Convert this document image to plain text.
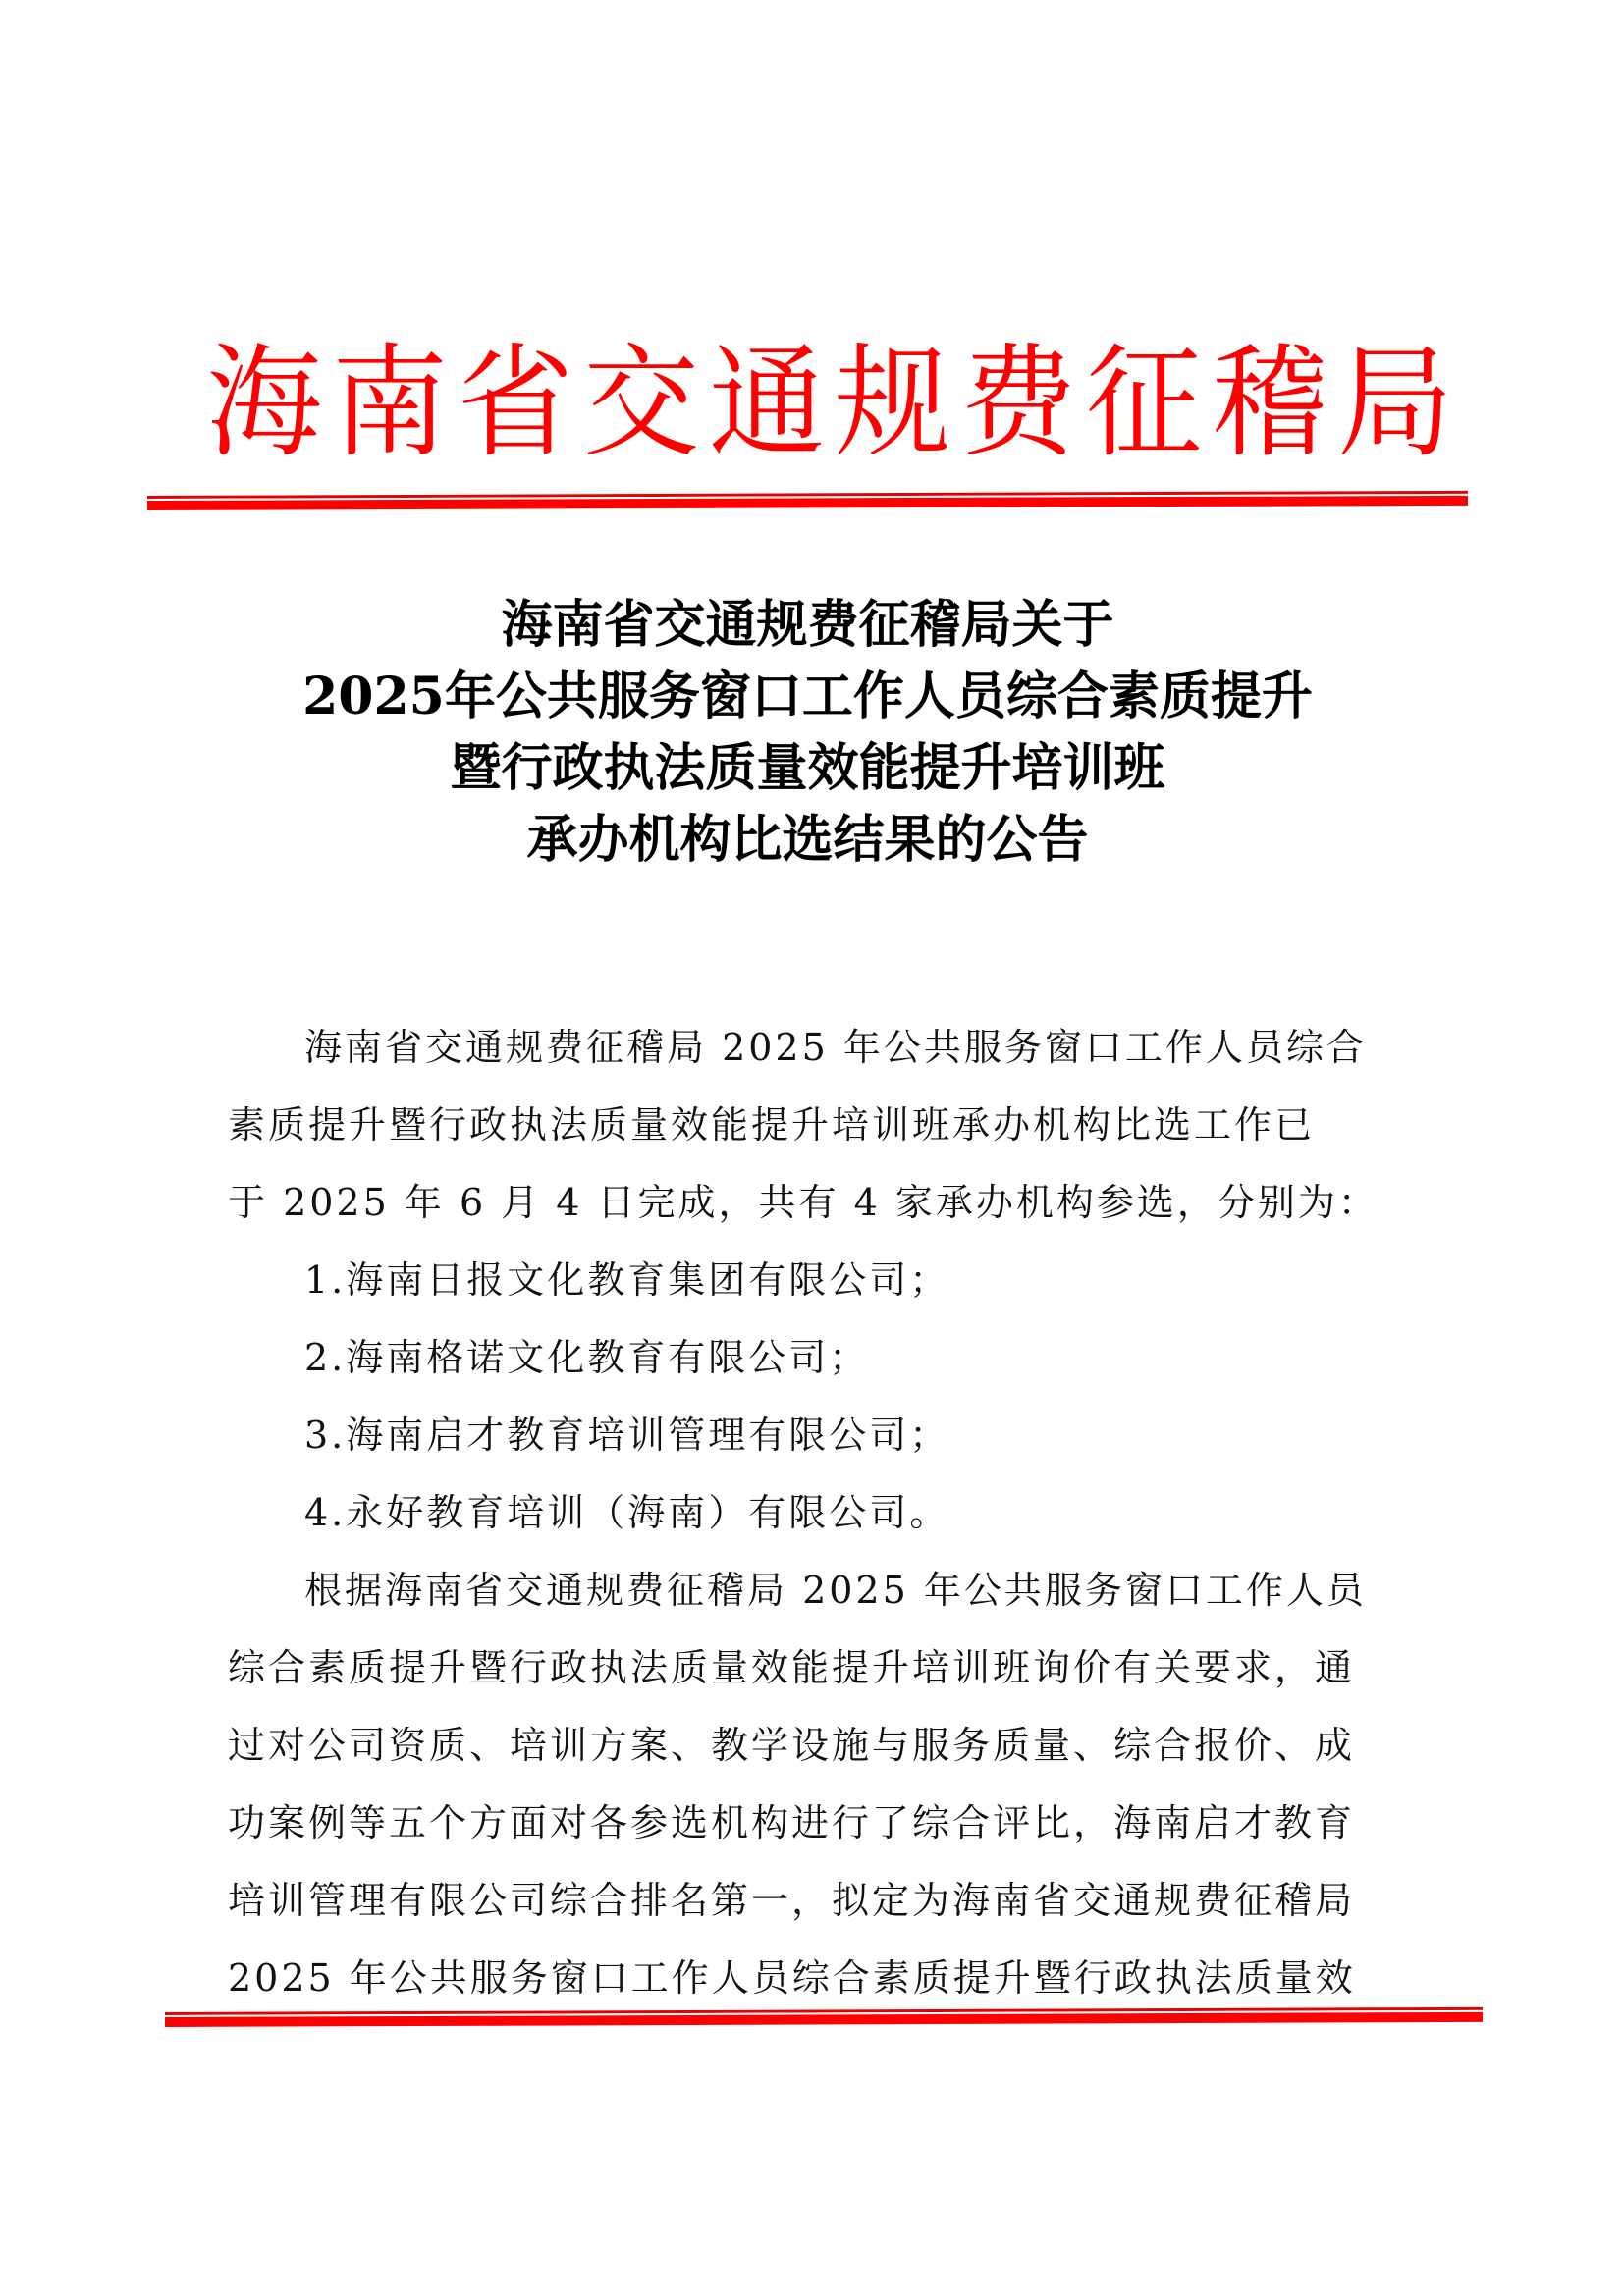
海南省交通规费征稽局
海南省交通规费征稽局关于
2025年公共服务窗口工作人员综合素质提升
暨行政执法质量效能提升培训班
承办机构比选结果的公告
海南省交通规费征稽局 2025 年公共服务窗口工作人员综合
素质提升暨行政执法质量效能提升培训班承办机构比选工作已
于 2025 年 6 月 4 日完成，共有 4 家承办机构参选，分别为：
1.海南日报文化教育集团有限公司；
2.海南格诺文化教育有限公司；
3.海南启才教育培训管理有限公司；
4.永好教育培训（海南）有限公司。
根据海南省交通规费征稽局 2025 年公共服务窗口工作人员
综合素质提升暨行政执法质量效能提升培训班询价有关要求，通
过对公司资质、培训方案、教学设施与服务质量、综合报价、成
功案例等五个方面对各参选机构进行了综合评比，海南启才教育
培训管理有限公司综合排名第一，拟定为海南省交通规费征稽局
2025 年公共服务窗口工作人员综合素质提升暨行政执法质量效
